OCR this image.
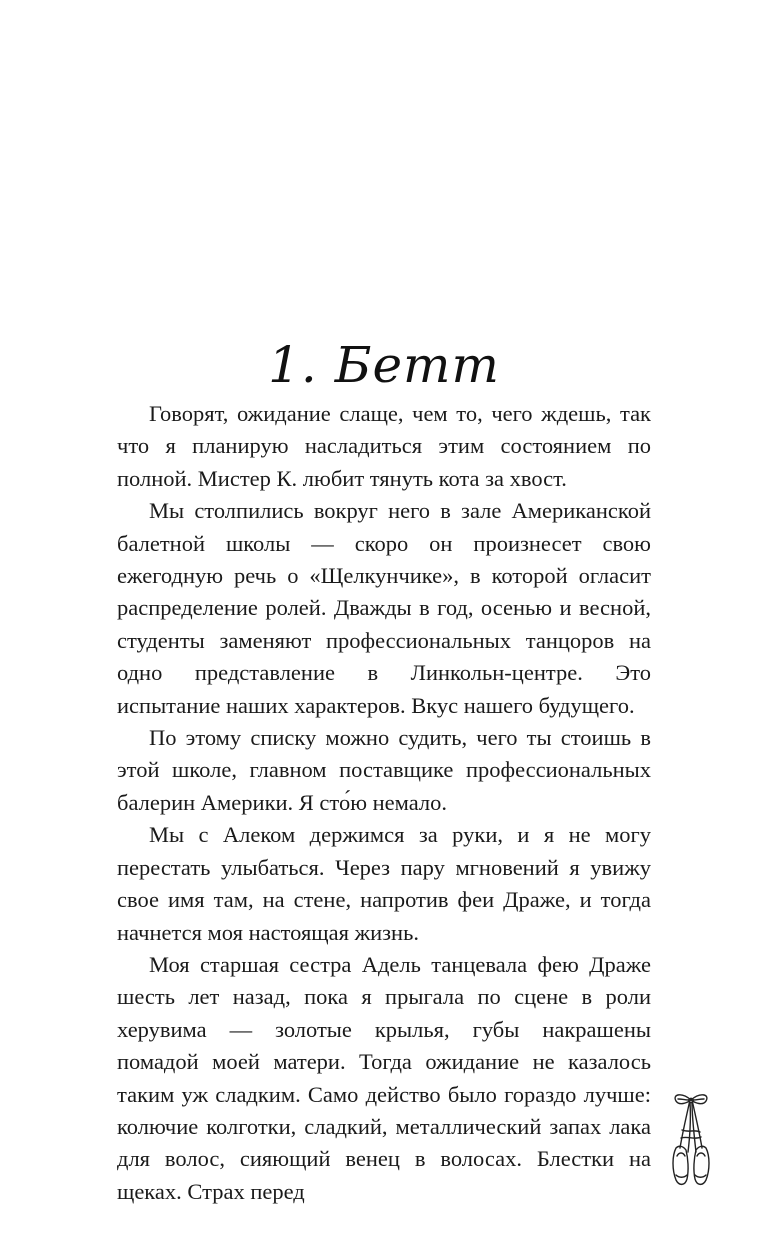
1. Бетт

Говорят, ожидание слаще, чем то, чего ждешь, так что я планирую насладиться этим состоянием по полной. Мистер К. любит тянуть кота за хвост.

Мы столпились вокруг него в зале Американской балетной школы — скоро он произнесет свою ежегодную речь о «Щелкунчике», в которой огласит распределение ролей. Дважды в год, осенью и весной, студенты заменяют профессиональных танцоров на одно представление в Линкольн-центре. Это испытание наших характеров. Вкус нашего будущего.

По этому списку можно судить, чего ты стоишь в этой школе, главном поставщике профессиональных балерин Америки. Я сто́ю немало.

Мы с Алеком держимся за руки, и я не могу перестать улыбаться. Через пару мгновений я увижу свое имя там, на стене, напротив феи Драже, и тогда начнется моя настоящая жизнь.

Моя старшая сестра Адель танцевала фею Драже шесть лет назад, пока я прыгала по сцене в роли херувима — золотые крылья, губы накрашены помадой моей матери. Тогда ожидание не казалось таким уж сладким. Само действо было гораздо лучше: колючие колготки, сладкий, металлический запах лака для волос, сияющий венец в волосах. Блестки на щеках. Страх перед
